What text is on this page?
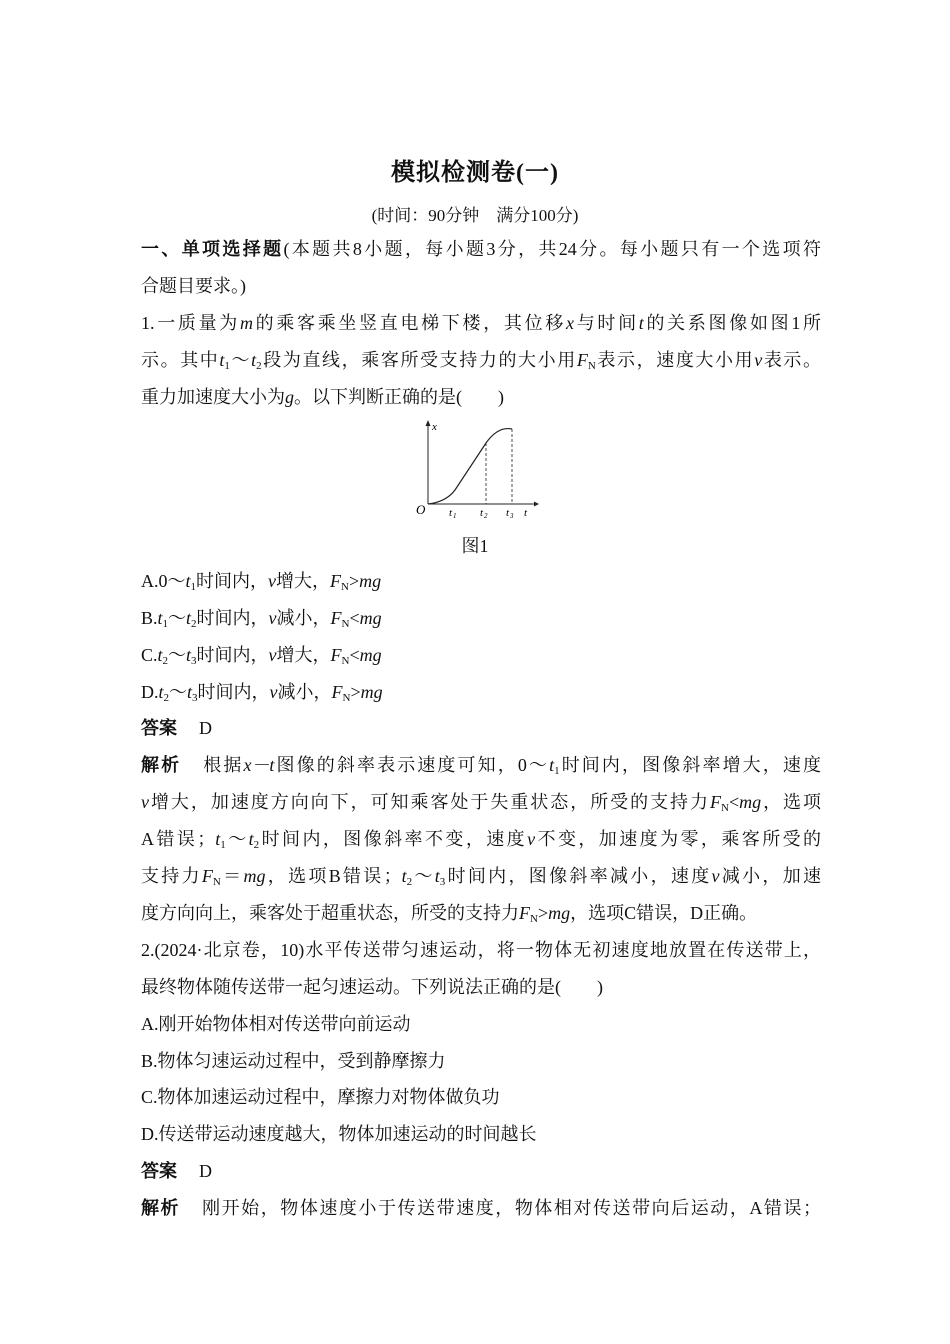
模拟检测卷(一)
(时间：90分钟　满分100分)
一、单项选择题(本题共8小题，每小题3分，共24分。每小题只有一个选项符
合题目要求。)
1.一质量为m的乘客乘坐竖直电梯下楼，其位移x与时间t的关系图像如图1所
示。其中$t_1\sim t_2$段为直线，乘客所受支持力的大小用$F_N$表示，速度大小用v表示。
重力加速度大小为g。以下判断正确的是(　　)
x
O t 1 t 2 t 3 t
图1
$A.0\sim t_1$时间内，v增大，$F_N>mg$
$B.t_1\sim t_2$时间内，v减小，$F_N<mg$
$C.t_2\sim t_3$时间内，v增大，$F_N<mg$
$D.t_2\sim t_3$时间内，v减小，$F_N>mg$
答案 D
解析 根据x－t图像的斜率表示速度可知，$0\sim t_1$时间内，图像斜率增大，速度
v增大，加速度方向向下，可知乘客处于失重状态，所受的支持力$F_N<mg$，选项
A错误；$t_1\sim t_2$时间内，图像斜率不变，速度v不变，加速度为零，乘客所受的
支持力$F_N=mg$，选项B错误；$t_2\sim t_3$时间内，图像斜率减小，速度v减小，加速
度方向向上，乘客处于超重状态，所受的支持力$F_N>mg$，选项C错误，D正确。
2.(2024·北京卷，10)水平传送带匀速运动，将一物体无初速度地放置在传送带上，
最终物体随传送带一起匀速运动。下列说法正确的是(　　)
A.刚开始物体相对传送带向前运动
B.物体匀速运动过程中，受到静摩擦力
C.物体加速运动过程中，摩擦力对物体做负功
D.传送带运动速度越大，物体加速运动的时间越长
答案 D
解析 刚开始，物体速度小于传送带速度，物体相对传送带向后运动，A错误；
